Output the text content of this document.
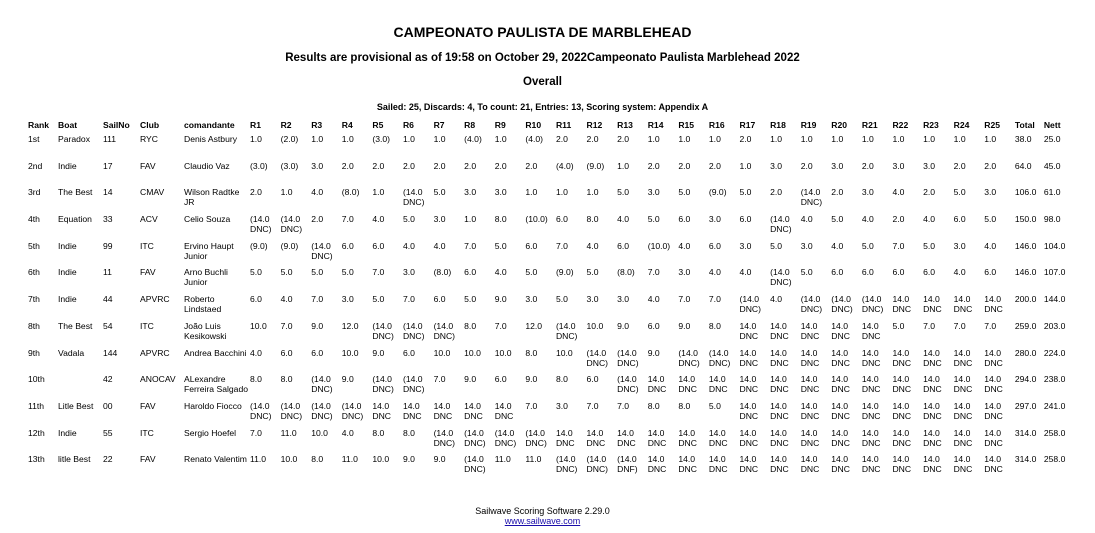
CAMPEONATO PAULISTA DE MARBLEHEAD
Results are provisional as of 19:58 on October 29, 2022Campeonato Paulista Marblehead 2022
Overall
Sailed: 25, Discards: 4, To count: 21, Entries: 13, Scoring system: Appendix A
Rank	Boat	SailNo	Club	comandante	R1	R2	R3	R4	R5	R6	R7	R8	R9	R10	R11	R12	R13	R14	R15	R16	R17	R18	R19	R20	R21	R22	R23	R24	R25	Total	Nett
1st	Paradox	111	RYC	Denis Astbury	1.0	(2.0)	1.0	1.0	(3.0)	1.0	1.0	(4.0)	1.0	(4.0)	2.0	2.0	2.0	1.0	1.0	1.0	2.0	1.0	1.0	1.0	1.0	1.0	1.0	1.0	1.0	38.0	25.0
2nd	Indie	17	FAV	Claudio Vaz	(3.0)	(3.0)	3.0	2.0	2.0	2.0	2.0	2.0	2.0	2.0	(4.0)	(9.0)	1.0	2.0	2.0	2.0	1.0	3.0	2.0	3.0	2.0	3.0	3.0	2.0	2.0	64.0	45.0
3rd	The Best	14	CMAV	Wilson Radtke JR	2.0	1.0	4.0	(8.0)	1.0	(14.0 DNC)	5.0	3.0	3.0	1.0	1.0	1.0	5.0	3.0	5.0	(9.0)	5.0	2.0	(14.0 DNC)	2.0	3.0	4.0	2.0	5.0	3.0	106.0	61.0
4th	Equation	33	ACV	Celio Souza	(14.0 DNC)	(14.0 DNC)	2.0	7.0	4.0	5.0	3.0	1.0	8.0	(10.0)	6.0	8.0	4.0	5.0	6.0	3.0	6.0	(14.0 DNC)	4.0	5.0	4.0	2.0	4.0	6.0	5.0	150.0	98.0
5th	Indie	99	ITC	Ervino Haupt Junior	(9.0)	(9.0)	(14.0 DNC)	6.0	6.0	4.0	4.0	7.0	5.0	6.0	7.0	4.0	6.0	(10.0)	4.0	6.0	3.0	5.0	3.0	4.0	5.0	7.0	5.0	3.0	4.0	146.0	104.0
6th	Indie	11	FAV	Arno Buchli Junior	5.0	5.0	5.0	5.0	7.0	3.0	(8.0)	6.0	4.0	5.0	(9.0)	5.0	(8.0)	7.0	3.0	4.0	4.0	(14.0 DNC)	5.0	6.0	6.0	6.0	6.0	4.0	6.0	146.0	107.0
7th	Indie	44	APVRC	Roberto Lindstaed	6.0	4.0	7.0	3.0	5.0	7.0	6.0	5.0	9.0	3.0	5.0	3.0	3.0	4.0	7.0	7.0	(14.0 DNC)	4.0	(14.0 DNC)	(14.0 DNC)	(14.0 DNC)	14.0 DNC	14.0 DNC	14.0 DNC	14.0 DNC	200.0	144.0
8th	The Best	54	ITC	João Luis Kesikowski	10.0	7.0	9.0	12.0	(14.0 DNC)	(14.0 DNC)	(14.0 DNC)	8.0	7.0	12.0	(14.0 DNC)	10.0	9.0	6.0	9.0	8.0	14.0 DNC	14.0 DNC	14.0 DNC	14.0 DNC	14.0 DNC	5.0	7.0	7.0	7.0	259.0	203.0
9th	Vadala	144	APVRC	Andrea Bacchini	4.0	6.0	6.0	10.0	9.0	6.0	10.0	10.0	10.0	8.0	10.0	(14.0 DNC)	(14.0 DNC)	9.0	(14.0 DNC)	(14.0 DNC)	14.0 DNC	14.0 DNC	14.0 DNC	14.0 DNC	14.0 DNC	14.0 DNC	14.0 DNC	14.0 DNC	14.0 DNC	280.0	224.0
10th		42	ANOCAV	ALexandre Ferreira Salgado	8.0	8.0	(14.0 DNC)	9.0	(14.0 DNC)	(14.0 DNC)	7.0	9.0	6.0	9.0	8.0	6.0	(14.0 DNC)	14.0 DNC	14.0 DNC	14.0 DNC	14.0 DNC	14.0 DNC	14.0 DNC	14.0 DNC	14.0 DNC	14.0 DNC	14.0 DNC	14.0 DNC	14.0 DNC	294.0	238.0
11th	Litle Best	00	FAV	Haroldo Fiocco	(14.0 DNC)	(14.0 DNC)	(14.0 DNC)	(14.0 DNC)	14.0 DNC	14.0 DNC	14.0 DNC	14.0 DNC	14.0 DNC	7.0	3.0	7.0	7.0	8.0	8.0	5.0	14.0 DNC	14.0 DNC	14.0 DNC	14.0 DNC	14.0 DNC	14.0 DNC	14.0 DNC	14.0 DNC	14.0 DNC	297.0	241.0
12th	Indie	55	ITC	Sergio Hoefel	7.0	11.0	10.0	4.0	8.0	8.0	(14.0 DNC)	(14.0 DNC)	(14.0 DNC)	(14.0 DNC)	14.0 DNC	14.0 DNC	14.0 DNC	14.0 DNC	14.0 DNC	14.0 DNC	14.0 DNC	14.0 DNC	14.0 DNC	14.0 DNC	14.0 DNC	14.0 DNC	14.0 DNC	14.0 DNC	14.0 DNC	314.0	258.0
13th	litle Best	22	FAV	Renato Valentim	11.0	10.0	8.0	11.0	10.0	9.0	9.0	(14.0 DNC)	11.0	11.0	(14.0 DNC)	(14.0 DNC)	(14.0 DNF)	14.0 DNC	14.0 DNC	14.0 DNC	14.0 DNC	14.0 DNC	14.0 DNC	14.0 DNC	14.0 DNC	14.0 DNC	14.0 DNC	14.0 DNC	14.0 DNC	314.0	258.0
Sailwave Scoring Software 2.29.0
www.sailwave.com
